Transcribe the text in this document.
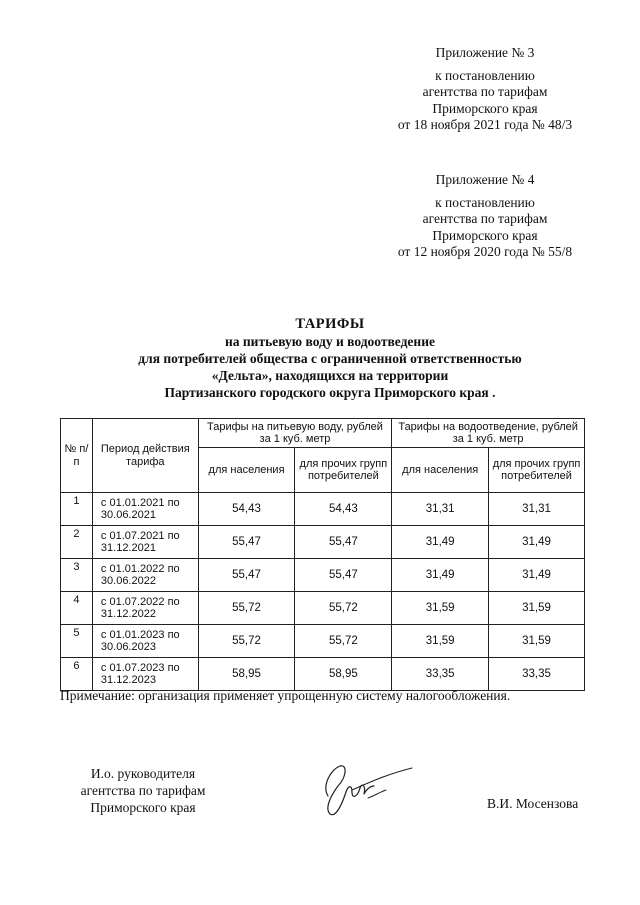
Приложение № 3
к постановлению
агентства по тарифам
Приморского края
от 18 ноября 2021 года № 48/3
Приложение № 4
к постановлению
агентства по тарифам
Приморского края
от 12 ноября 2020 года № 55/8
ТАРИФЫ
на питьевую воду и водоотведение
для потребителей общества с ограниченной ответственностью
«Дельта», находящихся на территории
Партизанского городского округа Приморского края .
№ п/п	Период действия тарифа	Тарифы на питьевую воду, рублей за 1 куб. метр		Тарифы на водоотведение, рублей за 1 куб. метр	
		для населения	для прочих групп потребителей	для населения	для прочих групп потребителей
1	с 01.01.2021 по 30.06.2021	54,43	54,43	31,31	31,31
2	с 01.07.2021 по 31.12.2021	55,47	55,47	31,49	31,49
3	с 01.01.2022 по 30.06.2022	55,47	55,47	31,49	31,49
4	с 01.07.2022 по 31.12.2022	55,72	55,72	31,59	31,59
5	с 01.01.2023 по 30.06.2023	55,72	55,72	31,59	31,59
6	с 01.07.2023 по 31.12.2023	58,95	58,95	33,35	33,35
Примечание: организация применяет упрощенную систему налогообложения.
И.о. руководителя
агентства по тарифам
Приморского края	В.И. Мосензова
